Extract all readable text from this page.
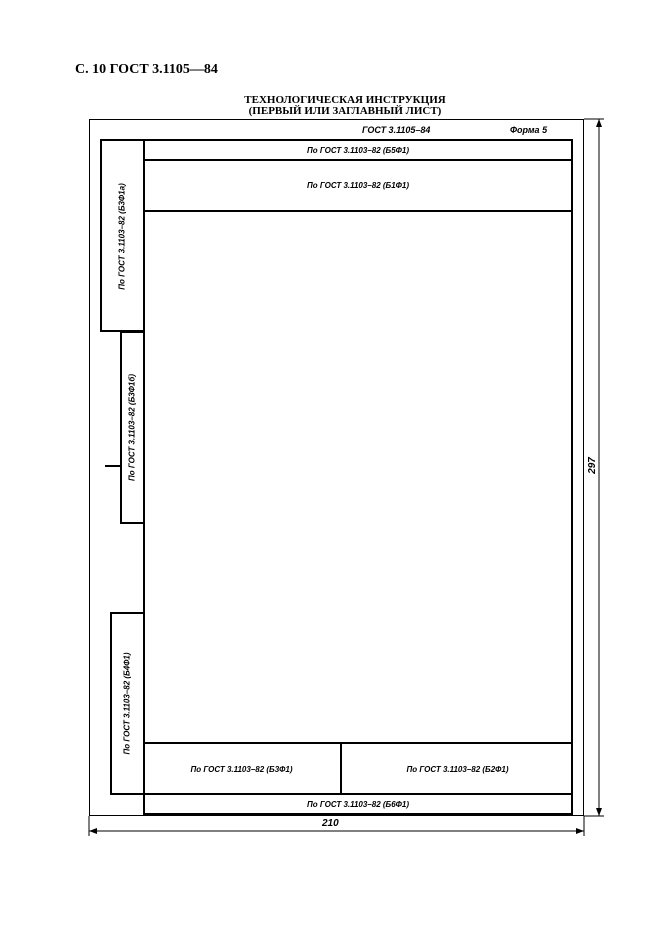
С. 10 ГОСТ 3.1105—84
ТЕХНОЛОГИЧЕСКАЯ ИНСТРУКЦИЯ
(ПЕРВЫЙ ИЛИ ЗАГЛАВНЫЙ ЛИСТ)
ГОСТ 3.1105–84	Форма 5
По ГОСТ 3.1103–82 (Б5Ф1)
По ГОСТ 3.1103–82 (Б1Ф1)
По ГОСТ 3.1103–82 (Б3Ф1)	По ГОСТ 3.1103–82 (Б2Ф1)
По ГОСТ 3.1103–82 (Б6Ф1)
По ГОСТ 3.1103–82 (Б3Ф1а)
По ГОСТ 3.1103–82 (Б3Ф1б)
По ГОСТ 3.1103–82 (Б4Ф1)
210
297
